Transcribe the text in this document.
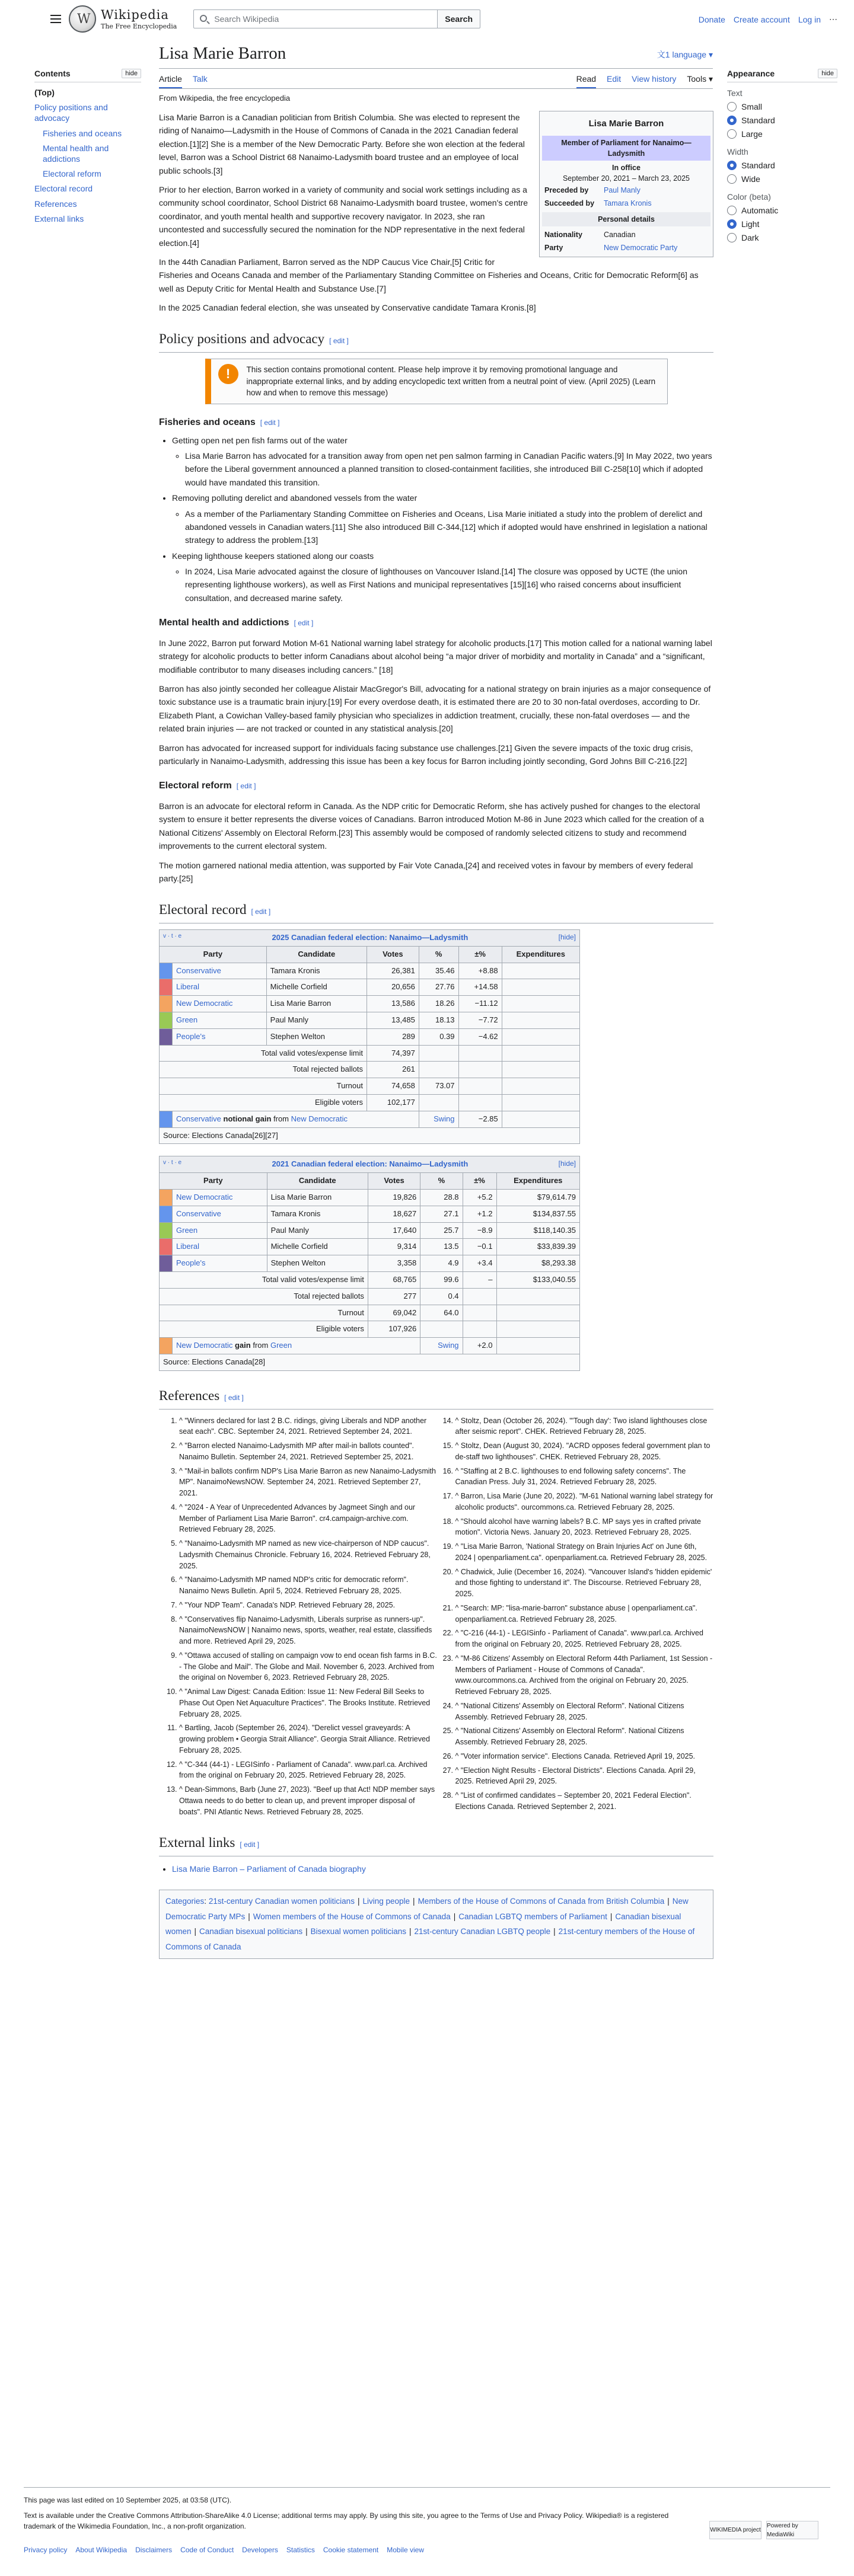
W
Wikipedia
The Free Encyclopedia
Search Wikipedia	Search	Donate Create account Log in ⋯
Contents	hide
(Top)
Policy positions and advocacy
Fisheries and oceans
Mental health and addictions
Electoral reform
Electoral record
References
External links
Appearance	hide
Text
Small
Standard
Large
Width
Standard
Wide
Color (beta)
Automatic
Light
Dark
Lisa Marie Barron	文1 language ▾
Article Talk	Read Edit View history Tools ▾
From Wikipedia, the free encyclopedia
Lisa Marie Barron
Member of Parliament for Nanaimo—Ladysmith
In office
September 20, 2021 – March 23, 2025
Preceded by	Paul Manly
Succeeded by	Tamara Kronis
Personal details
Nationality	Canadian
Party	New Democratic Party

Lisa Marie Barron is a Canadian politician from British Columbia. She was elected to represent the riding of Nanaimo—Ladysmith in the House of Commons of Canada in the 2021 Canadian federal election.[1][2] She is a member of the New Democratic Party. Before she won election at the federal level, Barron was a School District 68 Nanaimo-Ladysmith board trustee and an employee of local public schools.[3]

Prior to her election, Barron worked in a variety of community and social work settings including as a community school coordinator, School District 68 Nanaimo-Ladysmith board trustee, women's centre coordinator, and youth mental health and supportive recovery navigator. In 2023, she ran uncontested and successfully secured the nomination for the NDP representative in the next federal election.[4]

In the 44th Canadian Parliament, Barron served as the NDP Caucus Vice Chair,[5] Critic for Fisheries and Oceans Canada and member of the Parliamentary Standing Committee on Fisheries and Oceans, Critic for Democratic Reform[6] as well as Deputy Critic for Mental Health and Substance Use.[7]

In the 2025 Canadian federal election, she was unseated by Conservative candidate Tamara Kronis.[8]

Policy positions and advocacy [ edit ]
!	This section contains promotional content. Please help improve it by removing promotional language and inappropriate external links, and by adding encyclopedic text written from a neutral point of view. (April 2025) (Learn how and when to remove this message)
Fisheries and oceans [ edit ]
• Getting open net pen fish farms out of the water
◦ Lisa Marie Barron has advocated for a transition away from open net pen salmon farming in Canadian Pacific waters.[9] In May 2022, two years before the Liberal government announced a planned transition to closed-containment facilities, she introduced Bill C-258[10] which if adopted would have mandated this transition.
• Removing polluting derelict and abandoned vessels from the water
◦ As a member of the Parliamentary Standing Committee on Fisheries and Oceans, Lisa Marie initiated a study into the problem of derelict and abandoned vessels in Canadian waters.[11] She also introduced Bill C-344,[12] which if adopted would have enshrined in legislation a national strategy to address the problem.[13]
• Keeping lighthouse keepers stationed along our coasts
◦ In 2024, Lisa Marie advocated against the closure of lighthouses on Vancouver Island.[14] The closure was opposed by UCTE (the union representing lighthouse workers), as well as First Nations and municipal representatives [15][16] who raised concerns about insufficient consultation, and decreased marine safety.
Mental health and addictions [ edit ]

In June 2022, Barron put forward Motion M-61 National warning label strategy for alcoholic products.[17] This motion called for a national warning label strategy for alcoholic products to better inform Canadians about alcohol being “a major driver of morbidity and mortality in Canada” and a “significant, modifiable contributor to many diseases including cancers.” [18]

Barron has also jointly seconded her colleague Alistair MacGregor's Bill, advocating for a national strategy on brain injuries as a major consequence of toxic substance use is a traumatic brain injury.[19] For every overdose death, it is estimated there are 20 to 30 non-fatal overdoses, according to Dr. Elizabeth Plant, a Cowichan Valley-based family physician who specializes in addiction treatment, crucially, these non-fatal overdoses — and the related brain injuries — are not tracked or counted in any statistical analysis.[20]

Barron has advocated for increased support for individuals facing substance use challenges.[21] Given the severe impacts of the toxic drug crisis, particularly in Nanaimo-Ladysmith, addressing this issue has been a key focus for Barron including jointly seconding, Gord Johns Bill C-216.[22]

Electoral reform [ edit ]

Barron is an advocate for electoral reform in Canada. As the NDP critic for Democratic Reform, she has actively pushed for changes to the electoral system to ensure it better represents the diverse voices of Canadians. Barron introduced Motion M-86 in June 2023 which called for the creation of a National Citizens' Assembly on Electoral Reform.[23] This assembly would be composed of randomly selected citizens to study and recommend improvements to the current electoral system.

The motion garnered national media attention, was supported by Fair Vote Canada,[24] and received votes in favour by members of every federal party.[25]

Electoral record [ edit ]
v · t · e 2025 Canadian federal election: Nanaimo—Ladysmith [hide]						

Party		Candidate	Votes	%	±%	Expenditures
	Conservative	Tamara Kronis	26,381	35.46	+8.88	
	Liberal	Michelle Corfield	20,656	27.76	+14.58	
	New Democratic	Lisa Marie Barron	13,586	18.26	−11.12	
	Green	Paul Manly	13,485	18.13	−7.72	
	People's	Stephen Welton	289	0.39	−4.62	
Total valid votes/expense limit			74,397			
Total rejected ballots			261			
Turnout			74,658	73.07		
Eligible voters			102,177			
	Conservative notional gain from New Democratic			Swing	−2.85	
Source: Elections Canada[26][27]						
v · t · e 2021 Canadian federal election: Nanaimo—Ladysmith [hide]						

Party		Candidate	Votes	%	±%	Expenditures
	New Democratic	Lisa Marie Barron	19,826	28.8	+5.2	$79,614.79
	Conservative	Tamara Kronis	18,627	27.1	+1.2	$134,837.55
	Green	Paul Manly	17,640	25.7	−8.9	$118,140.35
	Liberal	Michelle Corfield	9,314	13.5	−0.1	$33,839.39
	People's	Stephen Welton	3,358	4.9	+3.4	$8,293.38
Total valid votes/expense limit			68,765	99.6	–	$133,040.55
Total rejected ballots			277	0.4		
Turnout			69,042	64.0		
Eligible voters			107,926			
	New Democratic gain from Green			Swing	+2.0	
Source: Elections Canada[28]						
References [ edit ]
1. ^ "Winners declared for last 2 B.C. ridings, giving Liberals and NDP another seat each". CBC. September 24, 2021. Retrieved September 24, 2021.
2. ^ "Barron elected Nanaimo-Ladysmith MP after mail-in ballots counted". Nanaimo Bulletin. September 24, 2021. Retrieved September 25, 2021.
3. ^ "Mail-in ballots confirm NDP's Lisa Marie Barron as new Nanaimo-Ladysmith MP". NanaimoNewsNOW. September 24, 2021. Retrieved September 27, 2021.
4. ^ "2024 - A Year of Unprecedented Advances by Jagmeet Singh and our Member of Parliament Lisa Marie Barron". cr4.campaign-archive.com. Retrieved February 28, 2025.
5. ^ "Nanaimo-Ladysmith MP named as new vice-chairperson of NDP caucus". Ladysmith Chemainus Chronicle. February 16, 2024. Retrieved February 28, 2025.
6. ^ "Nanaimo-Ladysmith MP named NDP's critic for democratic reform". Nanaimo News Bulletin. April 5, 2024. Retrieved February 28, 2025.
7. ^ "Your NDP Team". Canada's NDP. Retrieved February 28, 2025.
8. ^ "Conservatives flip Nanaimo-Ladysmith, Liberals surprise as runners-up". NanaimoNewsNOW | Nanaimo news, sports, weather, real estate, classifieds and more. Retrieved April 29, 2025.
9. ^ "Ottawa accused of stalling on campaign vow to end ocean fish farms in B.C. - The Globe and Mail". The Globe and Mail. November 6, 2023. Archived from the original on November 6, 2023. Retrieved February 28, 2025.
10. ^ "Animal Law Digest: Canada Edition: Issue 11: New Federal Bill Seeks to Phase Out Open Net Aquaculture Practices". The Brooks Institute. Retrieved February 28, 2025.
11. ^ Bartling, Jacob (September 26, 2024). "Derelict vessel graveyards: A growing problem • Georgia Strait Alliance". Georgia Strait Alliance. Retrieved February 28, 2025.
12. ^ "C-344 (44-1) - LEGISinfo - Parliament of Canada". www.parl.ca. Archived from the original on February 20, 2025. Retrieved February 28, 2025.
13. ^ Dean-Simmons, Barb (June 27, 2023). "Beef up that Act! NDP member says Ottawa needs to do better to clean up, and prevent improper disposal of boats". PNI Atlantic News. Retrieved February 28, 2025.
14. ^ Stoltz, Dean (October 26, 2024). "'Tough day': Two island lighthouses close after seismic report". CHEK. Retrieved February 28, 2025.
15. ^ Stoltz, Dean (August 30, 2024). "ACRD opposes federal government plan to de-staff two lighthouses". CHEK. Retrieved February 28, 2025.
16. ^ "Staffing at 2 B.C. lighthouses to end following safety concerns". The Canadian Press. July 31, 2024. Retrieved February 28, 2025.
17. ^ Barron, Lisa Marie (June 20, 2022). "M-61 National warning label strategy for alcoholic products". ourcommons.ca. Retrieved February 28, 2025.
18. ^ "Should alcohol have warning labels? B.C. MP says yes in crafted private motion". Victoria News. January 20, 2023. Retrieved February 28, 2025.
19. ^ "Lisa Marie Barron, 'National Strategy on Brain Injuries Act' on June 6th, 2024 | openparliament.ca". openparliament.ca. Retrieved February 28, 2025.
20. ^ Chadwick, Julie (December 16, 2024). "Vancouver Island's 'hidden epidemic' and those fighting to understand it". The Discourse. Retrieved February 28, 2025.
21. ^ "Search: MP: "lisa-marie-barron" substance abuse | openparliament.ca". openparliament.ca. Retrieved February 28, 2025.
22. ^ "C-216 (44-1) - LEGISinfo - Parliament of Canada". www.parl.ca. Archived from the original on February 20, 2025. Retrieved February 28, 2025.
23. ^ "M-86 Citizens' Assembly on Electoral Reform 44th Parliament, 1st Session - Members of Parliament - House of Commons of Canada". www.ourcommons.ca. Archived from the original on February 20, 2025. Retrieved February 28, 2025.
24. ^ "National Citizens' Assembly on Electoral Reform". National Citizens Assembly. Retrieved February 28, 2025.
25. ^ "National Citizens' Assembly on Electoral Reform". National Citizens Assembly. Retrieved February 28, 2025.
26. ^ "Voter information service". Elections Canada. Retrieved April 19, 2025.
27. ^ "Election Night Results - Electoral Districts". Elections Canada. April 29, 2025. Retrieved April 29, 2025.
28. ^ "List of confirmed candidates – September 20, 2021 Federal Election". Elections Canada. Retrieved September 2, 2021.
External links [ edit ]
• Lisa Marie Barron – Parliament of Canada biography
Categories: 21st-century Canadian women politicians | Living people | Members of the House of Commons of Canada from British Columbia | New Democratic Party MPs | Women members of the House of Commons of Canada | Canadian LGBTQ members of Parliament | Canadian bisexual women | Canadian bisexual politicians | Bisexual women politicians | 21st-century Canadian LGBTQ people | 21st-century members of the House of Commons of Canada
This page was last edited on 10 September 2025, at 03:58 (UTC).
Text is available under the Creative Commons Attribution-ShareAlike 4.0 License; additional terms may apply. By using this site, you agree to the Terms of Use and Privacy Policy. Wikipedia® is a registered trademark of the Wikimedia Foundation, Inc., a non-profit organization.
Privacy policy About Wikipedia Disclaimers Code of Conduct Developers Statistics Cookie statement Mobile view
WIKIMEDIA project
Powered by MediaWiki
